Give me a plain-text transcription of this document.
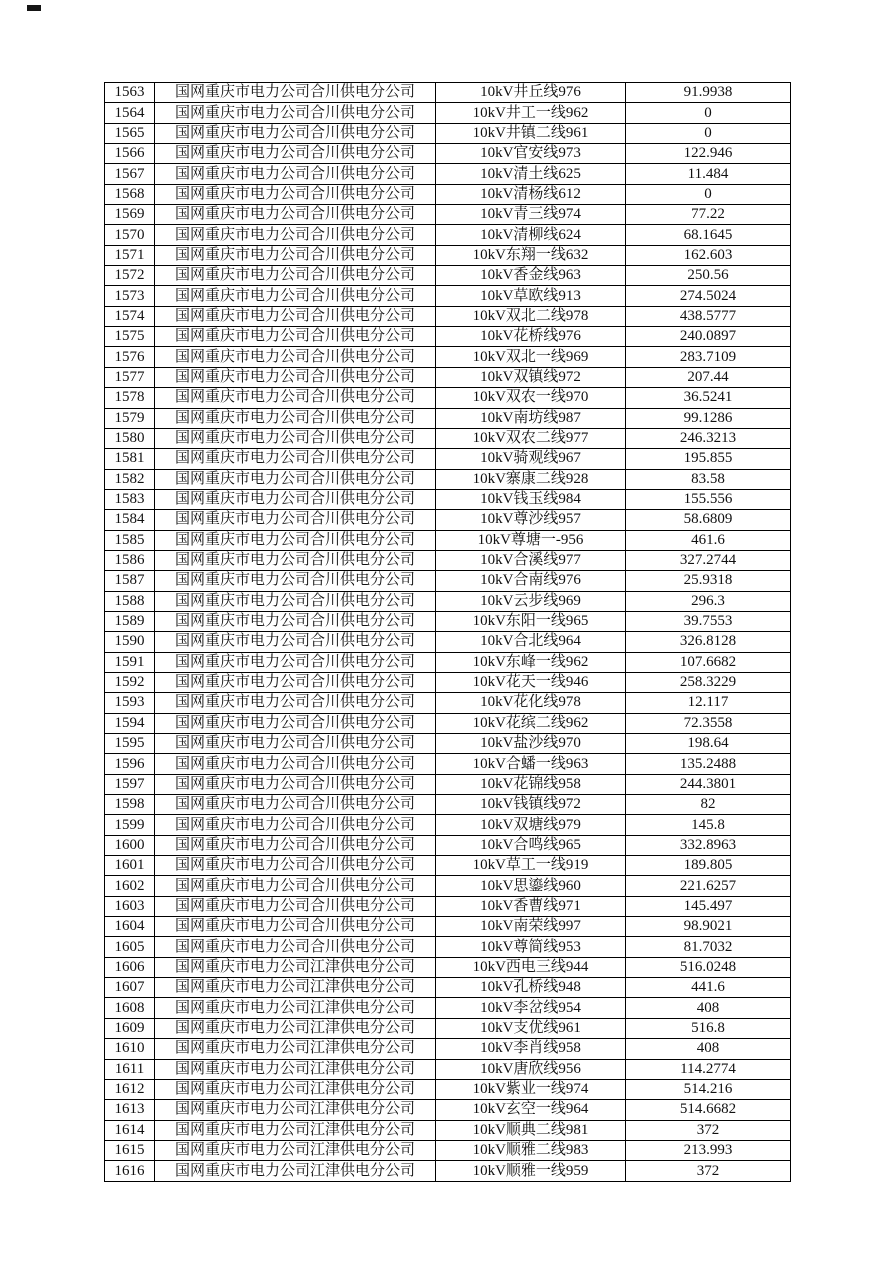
1563	国网重庆市电力公司合川供电分公司	10kV井丘线976	91.9938
1564	国网重庆市电力公司合川供电分公司	10kV井工一线962	0
1565	国网重庆市电力公司合川供电分公司	10kV井镇二线961	0
1566	国网重庆市电力公司合川供电分公司	10kV官安线973	122.946
1567	国网重庆市电力公司合川供电分公司	10kV清土线625	11.484
1568	国网重庆市电力公司合川供电分公司	10kV清杨线612	0
1569	国网重庆市电力公司合川供电分公司	10kV青三线974	77.22
1570	国网重庆市电力公司合川供电分公司	10kV清柳线624	68.1645
1571	国网重庆市电力公司合川供电分公司	10kV东翔一线632	162.603
1572	国网重庆市电力公司合川供电分公司	10kV香金线963	250.56
1573	国网重庆市电力公司合川供电分公司	10kV草欧线913	274.5024
1574	国网重庆市电力公司合川供电分公司	10kV双北二线978	438.5777
1575	国网重庆市电力公司合川供电分公司	10kV花桥线976	240.0897
1576	国网重庆市电力公司合川供电分公司	10kV双北一线969	283.7109
1577	国网重庆市电力公司合川供电分公司	10kV双镇线972	207.44
1578	国网重庆市电力公司合川供电分公司	10kV双农一线970	36.5241
1579	国网重庆市电力公司合川供电分公司	10kV南坊线987	99.1286
1580	国网重庆市电力公司合川供电分公司	10kV双农二线977	246.3213
1581	国网重庆市电力公司合川供电分公司	10kV骑观线967	195.855
1582	国网重庆市电力公司合川供电分公司	10kV寨康二线928	83.58
1583	国网重庆市电力公司合川供电分公司	10kV钱玉线984	155.556
1584	国网重庆市电力公司合川供电分公司	10kV尊沙线957	58.6809
1585	国网重庆市电力公司合川供电分公司	10kV尊塘一-956	461.6
1586	国网重庆市电力公司合川供电分公司	10kV合溪线977	327.2744
1587	国网重庆市电力公司合川供电分公司	10kV合南线976	25.9318
1588	国网重庆市电力公司合川供电分公司	10kV云步线969	296.3
1589	国网重庆市电力公司合川供电分公司	10kV东阳一线965	39.7553
1590	国网重庆市电力公司合川供电分公司	10kV合北线964	326.8128
1591	国网重庆市电力公司合川供电分公司	10kV东峰一线962	107.6682
1592	国网重庆市电力公司合川供电分公司	10kV花天一线946	258.3229
1593	国网重庆市电力公司合川供电分公司	10kV花化线978	12.117
1594	国网重庆市电力公司合川供电分公司	10kV花缤二线962	72.3558
1595	国网重庆市电力公司合川供电分公司	10kV盐沙线970	198.64
1596	国网重庆市电力公司合川供电分公司	10kV合蟠一线963	135.2488
1597	国网重庆市电力公司合川供电分公司	10kV花锦线958	244.3801
1598	国网重庆市电力公司合川供电分公司	10kV钱镇线972	82
1599	国网重庆市电力公司合川供电分公司	10kV双塘线979	145.8
1600	国网重庆市电力公司合川供电分公司	10kV合鸣线965	332.8963
1601	国网重庆市电力公司合川供电分公司	10kV草工一线919	189.805
1602	国网重庆市电力公司合川供电分公司	10kV思鎏线960	221.6257
1603	国网重庆市电力公司合川供电分公司	10kV香曹线971	145.497
1604	国网重庆市电力公司合川供电分公司	10kV南荣线997	98.9021
1605	国网重庆市电力公司合川供电分公司	10kV尊简线953	81.7032
1606	国网重庆市电力公司江津供电分公司	10kV西电三线944	516.0248
1607	国网重庆市电力公司江津供电分公司	10kV孔桥线948	441.6
1608	国网重庆市电力公司江津供电分公司	10kV李岔线954	408
1609	国网重庆市电力公司江津供电分公司	10kV支优线961	516.8
1610	国网重庆市电力公司江津供电分公司	10kV李肖线958	408
1611	国网重庆市电力公司江津供电分公司	10kV唐欣线956	114.2774
1612	国网重庆市电力公司江津供电分公司	10kV紫业一线974	514.216
1613	国网重庆市电力公司江津供电分公司	10kV玄空一线964	514.6682
1614	国网重庆市电力公司江津供电分公司	10kV顺典二线981	372
1615	国网重庆市电力公司江津供电分公司	10kV顺雅二线983	213.993
1616	国网重庆市电力公司江津供电分公司	10kV顺雅一线959	372
